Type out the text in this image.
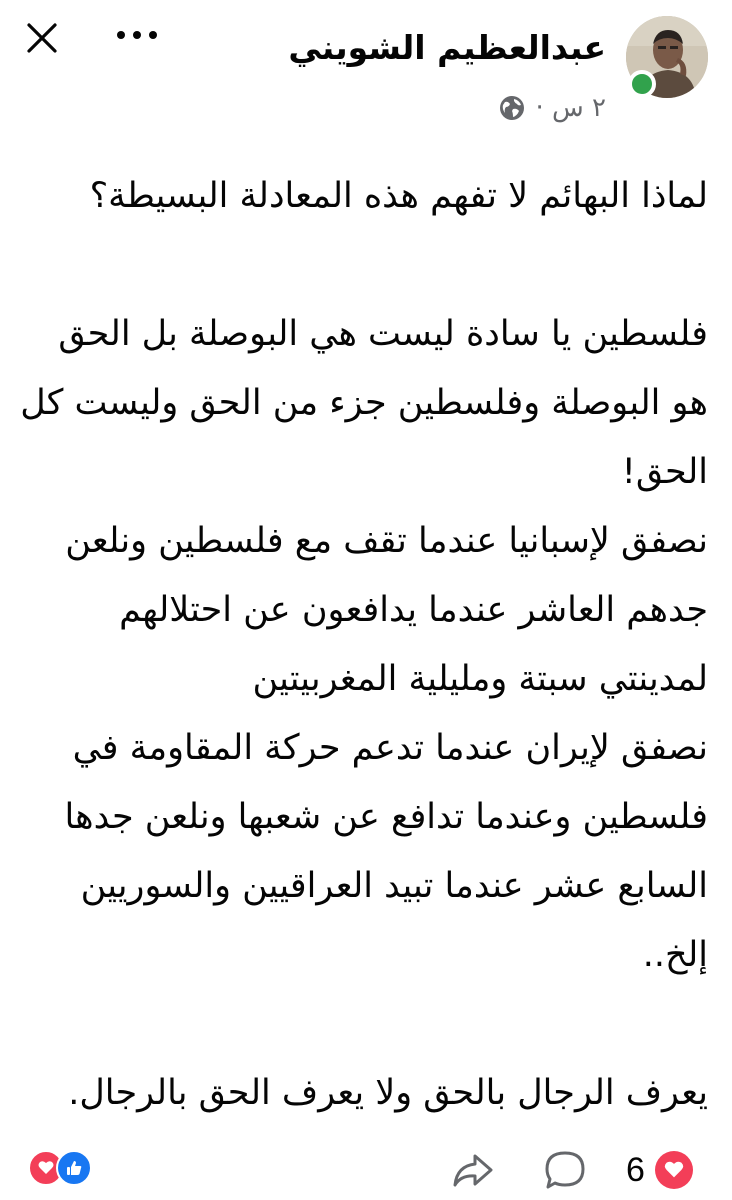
عبدالعظيم الشويني
٢ س ·
لماذا البهائم لا تفهم هذه المعادلة البسيطة؟

فلسطين يا سادة ليست هي البوصلة بل الحق هو البوصلة وفلسطين جزء من الحق وليست كل الحق!
نصفق لإسبانيا عندما تقف مع فلسطين ونلعن جدهم العاشر عندما يدافعون عن احتلالهم لمدينتي سبتة ومليلية المغربيتين
نصفق لإيران عندما تدعم حركة المقاومة في فلسطين وعندما تدافع عن شعبها ونلعن جدها السابع عشر عندما تبيد العراقيين والسوريين إلخ..

يعرف الرجال بالحق ولا يعرف الحق بالرجال.
6
